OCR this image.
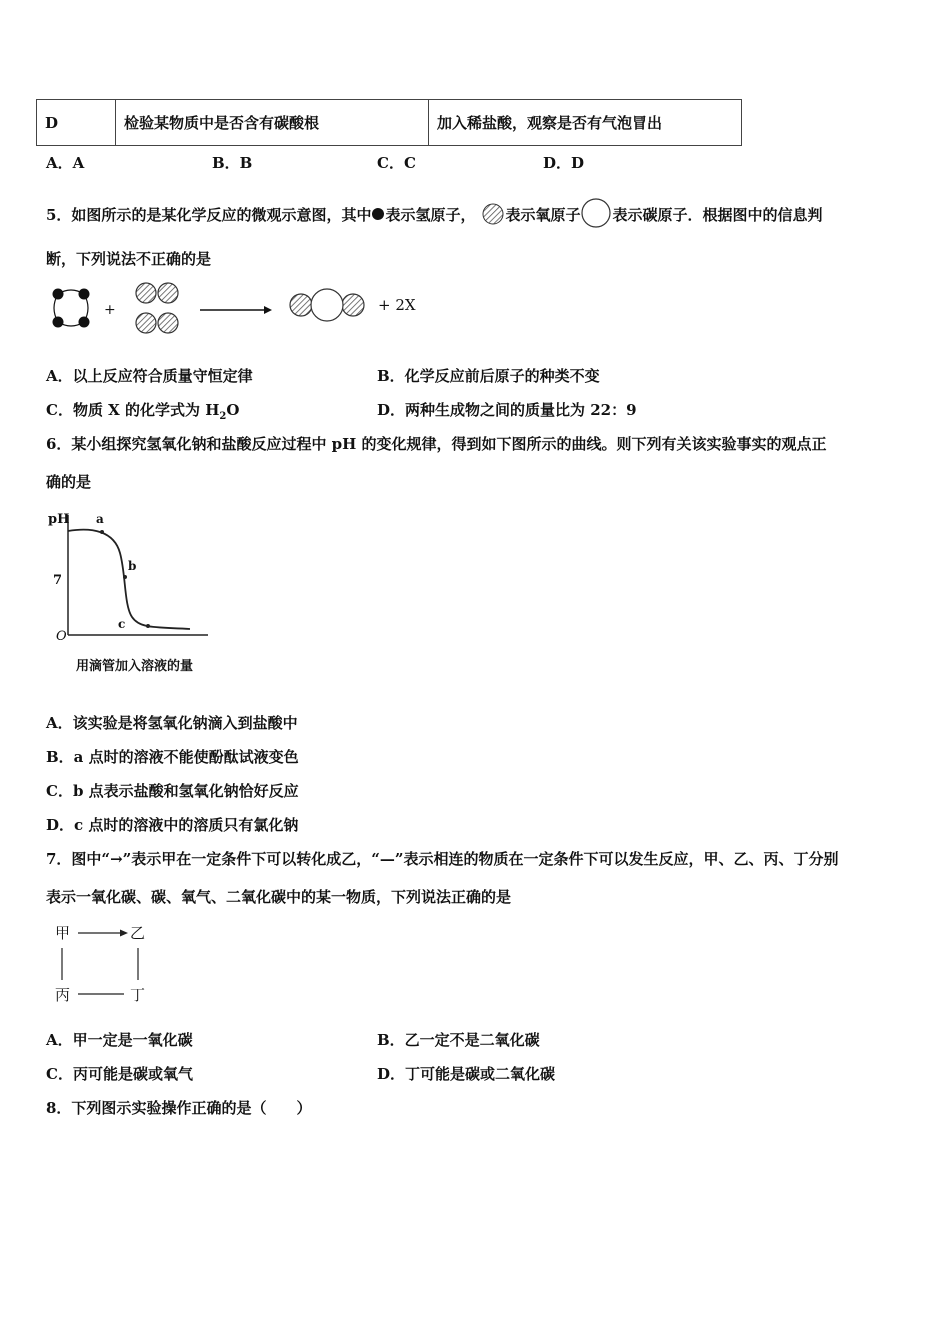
D	检验某物质中是否含有碳酸根	加入稀盐酸，观察是否有气泡冒出
A．A	B．B	C．C	D．D
5．如图所示的是某化学反应的微观示意图，其中 表示氢原子， 表示氧原子 表示碳原子．根据图中的信息判
断，下列说法不正确的是
+	+ 2X
A．以上反应符合质量守恒定律	B．化学反应前后原子的种类不变
C．物质 X 的化学式为 $H_2O$	D．两种生成物之间的质量比为 22：9
6．某小组探究氢氧化钠和盐酸反应过程中 pH 的变化规律，得到如下图所示的曲线。则下列有关该实验事实的观点正
确的是
pH
7
O
a
b
c
用滴管加入溶液的量
A．该实验是将氢氧化钠滴入到盐酸中
B．a 点时的溶液不能使酚酞试液变色
C．b 点表示盐酸和氢氧化钠恰好反应
D．c 点时的溶液中的溶质只有氯化钠
7．图中“→”表示甲在一定条件下可以转化成乙，“—”表示相连的物质在一定条件下可以发生反应，甲、乙、丙、丁分别
表示一氧化碳、碳、氧气、二氧化碳中的某一物质，下列说法正确的是
甲	乙
丙	丁
A．甲一定是一氧化碳	B．乙一定不是二氧化碳
C．丙可能是碳或氧气	D．丁可能是碳或二氧化碳
8．下列图示实验操作正确的是（　　）
